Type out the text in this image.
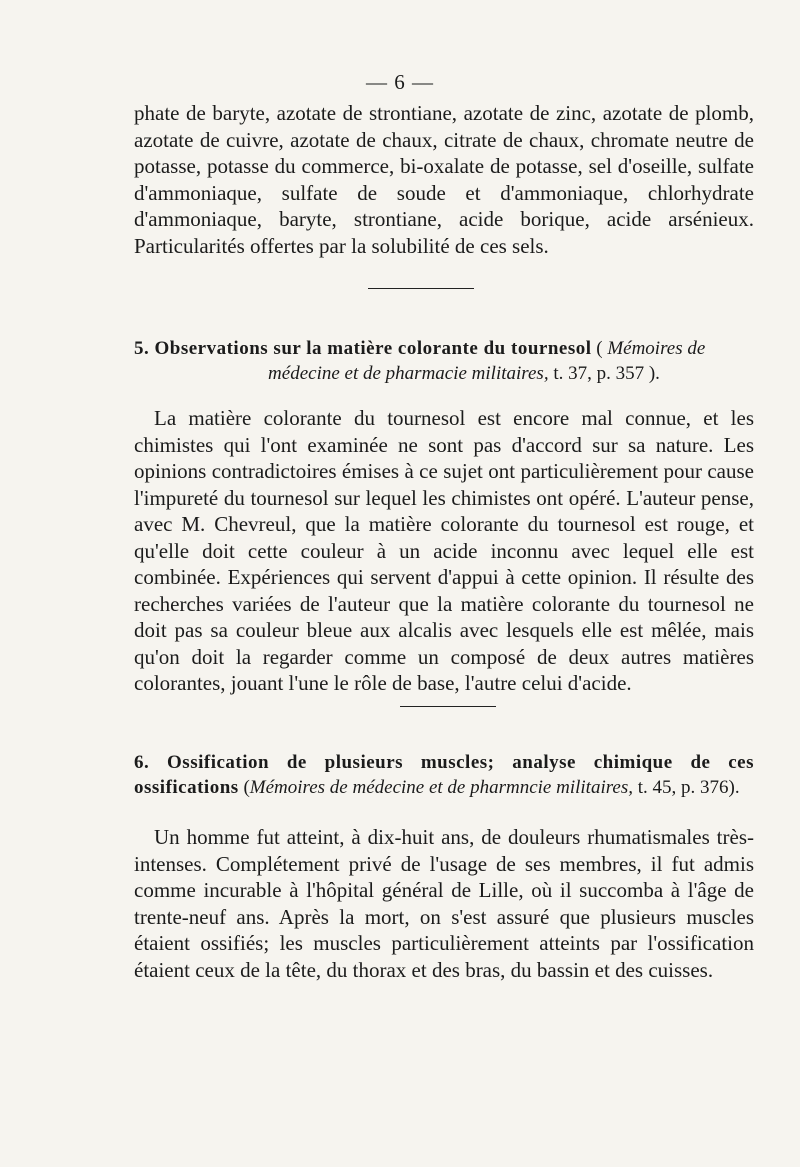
— 6 —

phate de baryte, azotate de strontiane, azotate de zinc, azotate de plomb, azotate de cuivre, azotate de chaux, citrate de chaux, chromate neutre de potasse, potasse du commerce, bi-oxalate de potasse, sel d'oseille, sulfate d'ammoniaque, sulfate de soude et d'ammoniaque, chlorhydrate d'ammoniaque, baryte, strontiane, acide borique, acide arsénieux. Particularités offertes par la solubilité de ces sels.

5. Observations sur la matière colorante du tournesol ( Mémoires de
médecine et de pharmacie militaires, t. 37, p. 357 ).

La matière colorante du tournesol est encore mal connue, et les chimistes qui l'ont examinée ne sont pas d'accord sur sa nature. Les opinions contradictoires émises à ce sujet ont particulièrement pour cause l'impureté du tournesol sur lequel les chimistes ont opéré. L'auteur pense, avec M. Chevreul, que la matière colorante du tournesol est rouge, et qu'elle doit cette couleur à un acide inconnu avec lequel elle est combinée. Expériences qui servent d'appui à cette opinion. Il résulte des recherches variées de l'auteur que la matière colorante du tournesol ne doit pas sa couleur bleue aux alcalis avec lesquels elle est mêlée, mais qu'on doit la regarder comme un composé de deux autres matières colorantes, jouant l'une le rôle de base, l'autre celui d'acide.

6. Ossification de plusieurs muscles; analyse chimique de ces ossifications (Mémoires de médecine et de pharmncie militaires, t. 45, p. 376).

Un homme fut atteint, à dix-huit ans, de douleurs rhumatismales très-intenses. Complétement privé de l'usage de ses membres, il fut admis comme incurable à l'hôpital général de Lille, où il succomba à l'âge de trente-neuf ans. Après la mort, on s'est assuré que plusieurs muscles étaient ossifiés; les muscles particulièrement atteints par l'ossification étaient ceux de la tête, du thorax et des bras, du bassin et des cuisses.
